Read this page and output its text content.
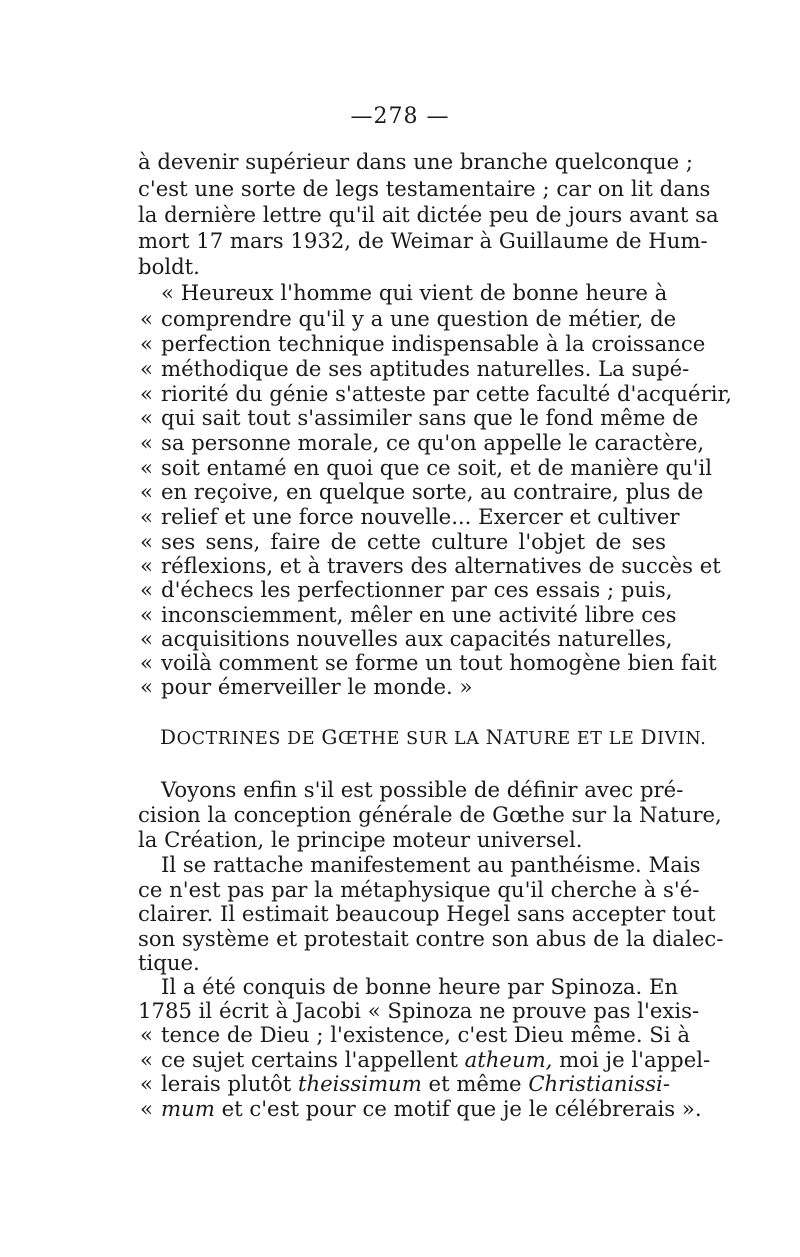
—278 —
à devenir supérieur dans une branche quelconque ;
c'est une sorte de legs testamentaire ; car on lit dans
la dernière lettre qu'il ait dictée peu de jours avant sa
mort 17 mars 1932, de Weimar à Guillaume de Hum-
boldt.
« Heureux l'homme qui vient de bonne heure à
« comprendre qu'il y a une question de métier, de
« perfection technique indispensable à la croissance
« méthodique de ses aptitudes naturelles. La supé-
« riorité du génie s'atteste par cette faculté d'acquérir,
« qui sait tout s'assimiler sans que le fond même de
« sa personne morale, ce qu'on appelle le caractère,
« soit entamé en quoi que ce soit, et de manière qu'il
« en reçoive, en quelque sorte, au contraire, plus de
« relief et une force nouvelle... Exercer et cultiver
« ses sens, faire de cette culture l'objet de ses
« réflexions, et à travers des alternatives de succès et
« d'échecs les perfectionner par ces essais ; puis,
« inconsciemment, mêler en une activité libre ces
« acquisitions nouvelles aux capacités naturelles,
« voilà comment se forme un tout homogène bien fait
« pour émerveiller le monde. »
DOCTRINES DE GŒTHE SUR LA NATURE ET LE DIVIN.
Voyons enfin s'il est possible de définir avec pré-
cision la conception générale de Gœthe sur la Nature,
la Création, le principe moteur universel.
Il se rattache manifestement au panthéisme. Mais
ce n'est pas par la métaphysique qu'il cherche à s'é-
clairer. Il estimait beaucoup Hegel sans accepter tout
son système et protestait contre son abus de la dialec-
tique.
Il a été conquis de bonne heure par Spinoza. En
1785 il écrit à Jacobi « Spinoza ne prouve pas l'exis-
« tence de Dieu ; l'existence, c'est Dieu même. Si à
« ce sujet certains l'appellent atheum, moi je l'appel-
« lerais plutôt theissimum et même Christianissi-
« mum et c'est pour ce motif que je le célébrerais ».
